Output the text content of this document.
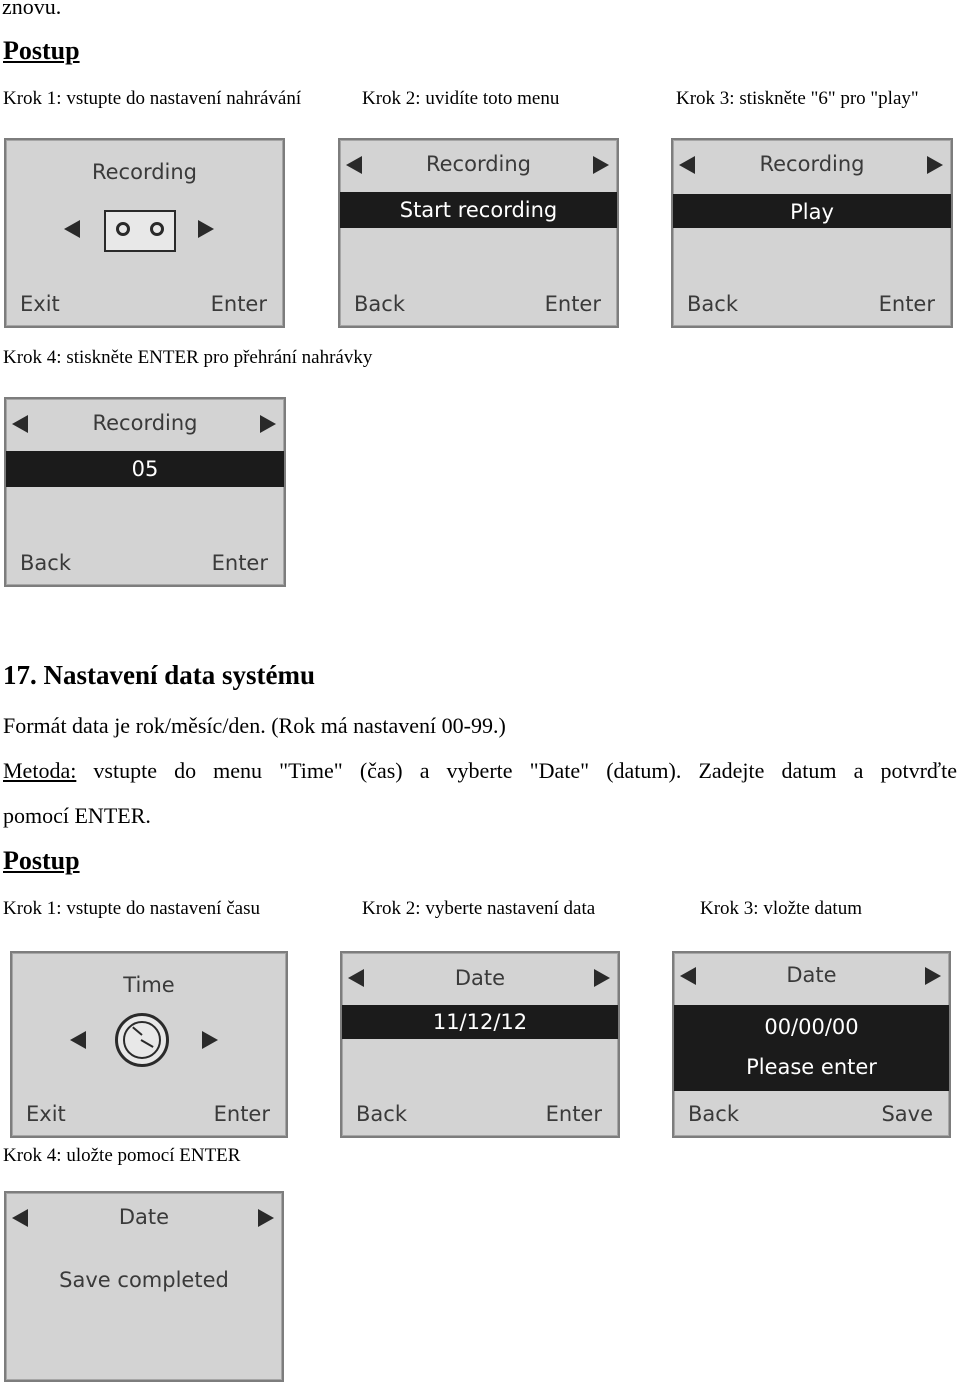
znovu.
Postup
Krok 1: vstupte do nastavení nahrávání	Krok 2: uvidíte toto menu	Krok 3: stiskněte "6" pro "play"
Recording
Exit	Enter
Recording
Start recording
Back	Enter
Recording
Play
Back	Enter
Krok 4: stiskněte ENTER pro přehrání nahrávky
Recording
05
Back	Enter
17. Nastavení data systému
Formát data je rok/měsíc/den. (Rok má nastavení 00-99.)
Metoda: vstupte do menu "Time" (čas) a vyberte "Date" (datum). Zadejte datum a potvrďte
pomocí ENTER.
Postup
Krok 1: vstupte do nastavení času	Krok 2: vyberte nastavení data	Krok 3: vložte datum
Time
Exit	Enter
Date
11/12/12
Back	Enter
Date
00/00/00
Please enter
Back	Save
Krok 4: uložte pomocí ENTER
Date
Save completed
